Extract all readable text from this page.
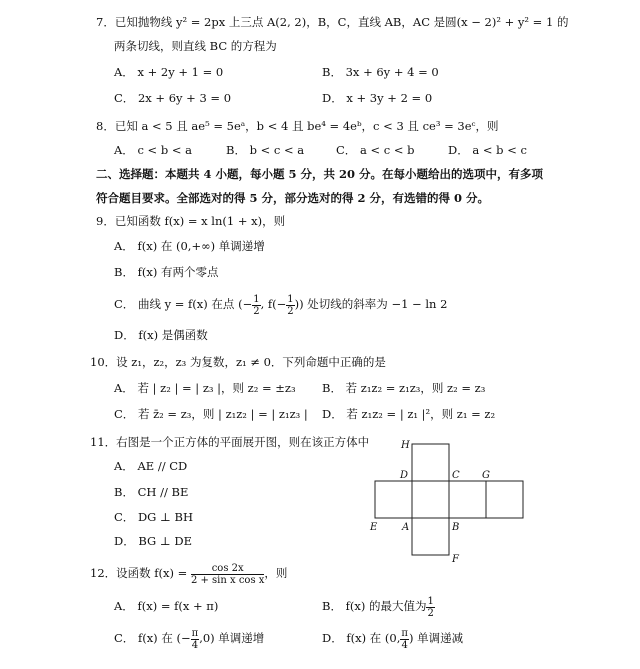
7．已知抛物线 y² = 2px 上三点 A(2, 2)，B，C，直线 AB，AC 是圆(x − 2)² + y² = 1 的
两条切线，则直线 BC 的方程为
A． x + 2y + 1 = 0	B． 3x + 6y + 4 = 0
C． 2x + 6y + 3 = 0	D． x + 3y + 2 = 0
8．已知 a < 5 且 ae⁵ = 5eᵃ，b < 4 且 be⁴ = 4eᵇ，c < 3 且 ce³ = 3eᶜ，则
A． c < b < a	B． b < c < a	C． a < c < b	D． a < b < c
二、选择题：本题共 4 小题，每小题 5 分，共 20 分。在每小题给出的选项中，有多项
符合题目要求。全部选对的得 5 分，部分选对的得 2 分，有选错的得 0 分。
9．已知函数 f(x) = x ln(1 + x)，则
A． f(x) 在 (0,+∞) 单调递增
B． f(x) 有两个零点
C． 曲线 y = f(x) 在点 (− $\frac{1}{2}$ , $f(- \frac{1}{2}$ )) 处切线的斜率为 −1 − ln 2
D． f(x) 是偶函数
10．设 z₁，z₂，z₃ 为复数，z₁ ≠ 0．下列命题中正确的是
A． 若 | z₂ | = | z₃ |，则 z₂ = ±z₃ B． 若 z₁z₂ = z₁z₃，则 z₂ = z₃
C． 若 z̄₂ = z₃，则 | z₁z₂ | = | z₁z₃ | D． 若 z₁z₂ = | z₁ |²，则 z₁ = z₂
11．右图是一个正方体的平面展开图，则在该正方体中
A． AE // CD
B． CH // BE
C． DG ⊥ BH
D． BG ⊥ DE
H
D	C G
E A	B
F
12．设函数 $f(x) = \frac{\cos 2x}{\text{2 + sin x cos x}}$ ，则
A． f(x) = f(x + π)	B． f(x) 的最大值为 $\frac{1}{2}$
C． f(x) 在 (− $\frac{\pi}{4} ,0$) 单调递增	D． f(x) 在 (0, $\frac{\pi}{4}$ ) 单调递减
